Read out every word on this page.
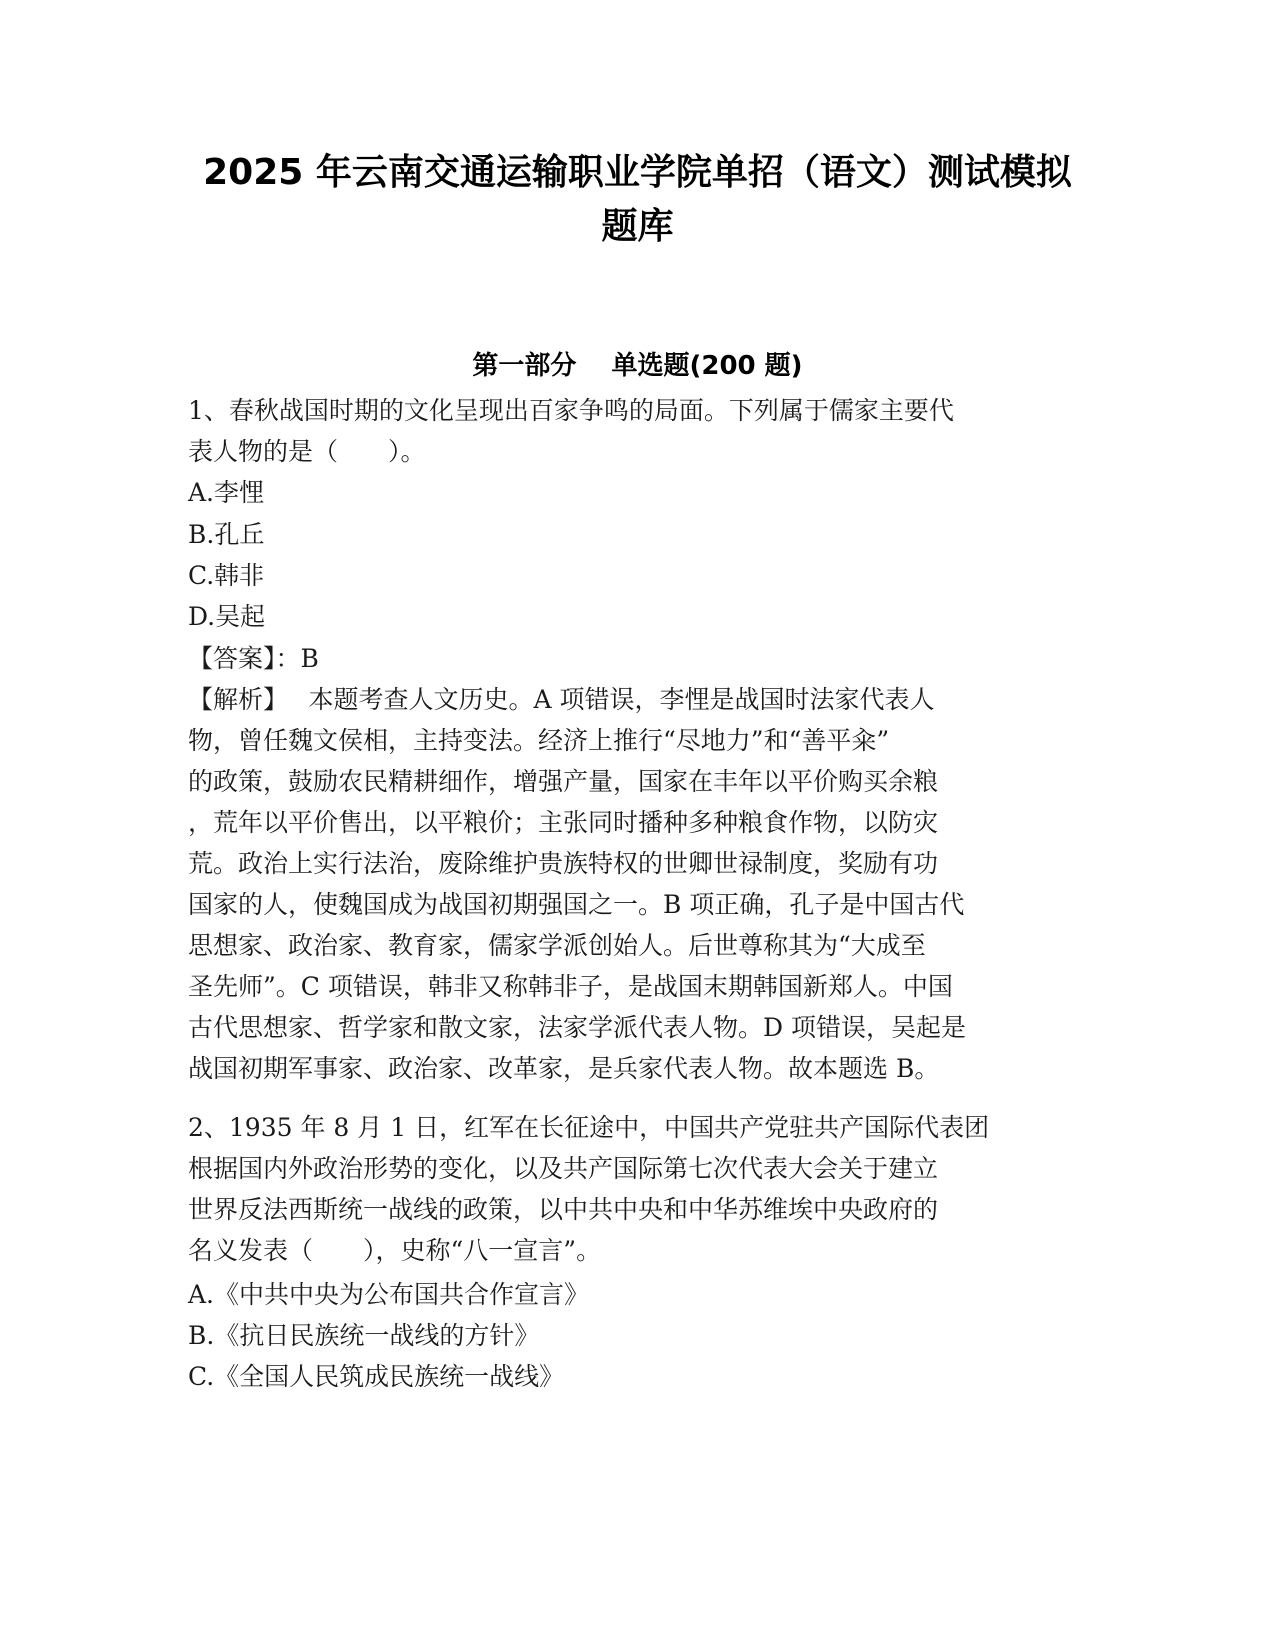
2025 年云南交通运输职业学院单招（语文）测试模拟
题库
第一部分　 单选题(200 题)
1、春秋战国时期的文化呈现出百家争鸣的局面。下列属于儒家主要代
表人物的是（　　）。
A.李悝
B.孔丘
C.韩非
D.吴起
【答案】：B
【解析】　 本题考查人文历史。A 项错误，李悝是战国时法家代表人
物，曾任魏文侯相，主持变法。经济上推行“尽地力”和“善平籴”
的政策，鼓励农民精耕细作，增强产量，国家在丰年以平价购买余粮
，荒年以平价售出，以平粮价；主张同时播种多种粮食作物，以防灾
荒。政治上实行法治，废除维护贵族特权的世卿世禄制度，奖励有功
国家的人，使魏国成为战国初期强国之一。B 项正确，孔子是中国古代
思想家、政治家、教育家，儒家学派创始人。后世尊称其为“大成至
圣先师”。C 项错误，韩非又称韩非子，是战国末期韩国新郑人。中国
古代思想家、哲学家和散文家，法家学派代表人物。D 项错误，吴起是
战国初期军事家、政治家、改革家，是兵家代表人物。故本题选 B。
2、1935 年 8 月 1 日，红军在长征途中，中国共产党驻共产国际代表团
根据国内外政治形势的变化，以及共产国际第七次代表大会关于建立
世界反法西斯统一战线的政策，以中共中央和中华苏维埃中央政府的
名义发表（　　），史称“八一宣言”。
A.《中共中央为公布国共合作宣言》
B.《抗日民族统一战线的方针》
C.《全国人民筑成民族统一战线》
